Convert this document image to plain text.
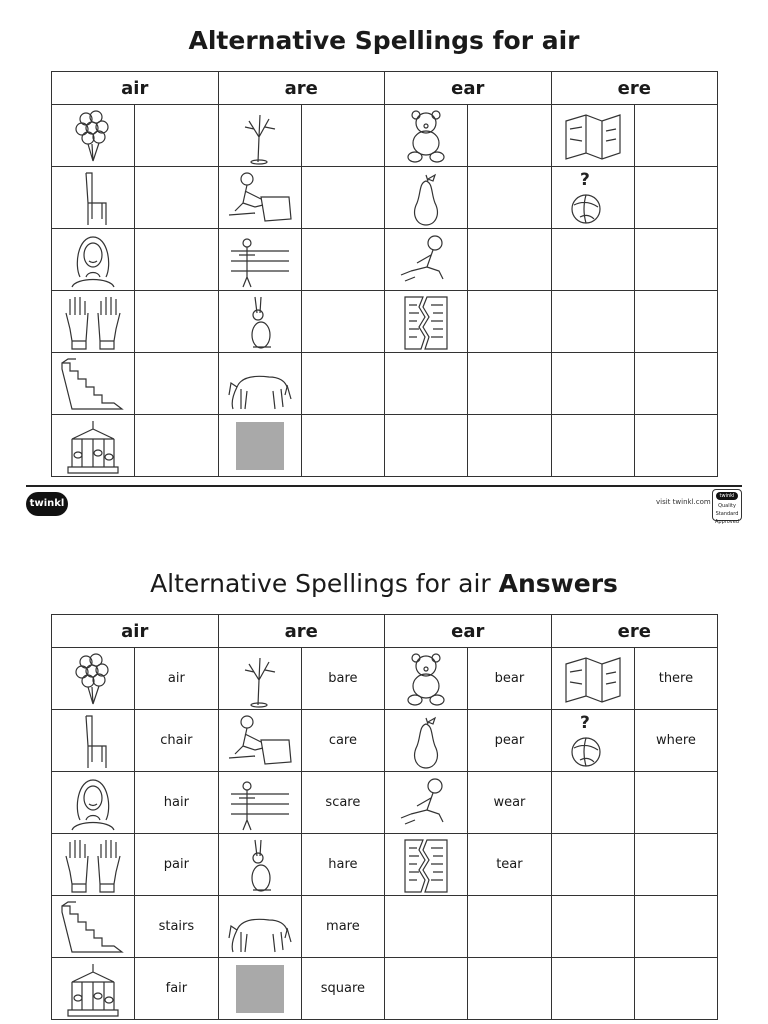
Alternative Spellings for air
air		are		ear		ere	

?	

twinkl	visit twinkl.com
twinkl
Quality Standard Approved
Alternative Spellings for air Answers
air		are		ear		ere	
	air		bare		bear		there
	chair		care		pear	?	where
	hair		scare		wear		
	pair		hare		tear		
	stairs		mare				
	fair		square				
